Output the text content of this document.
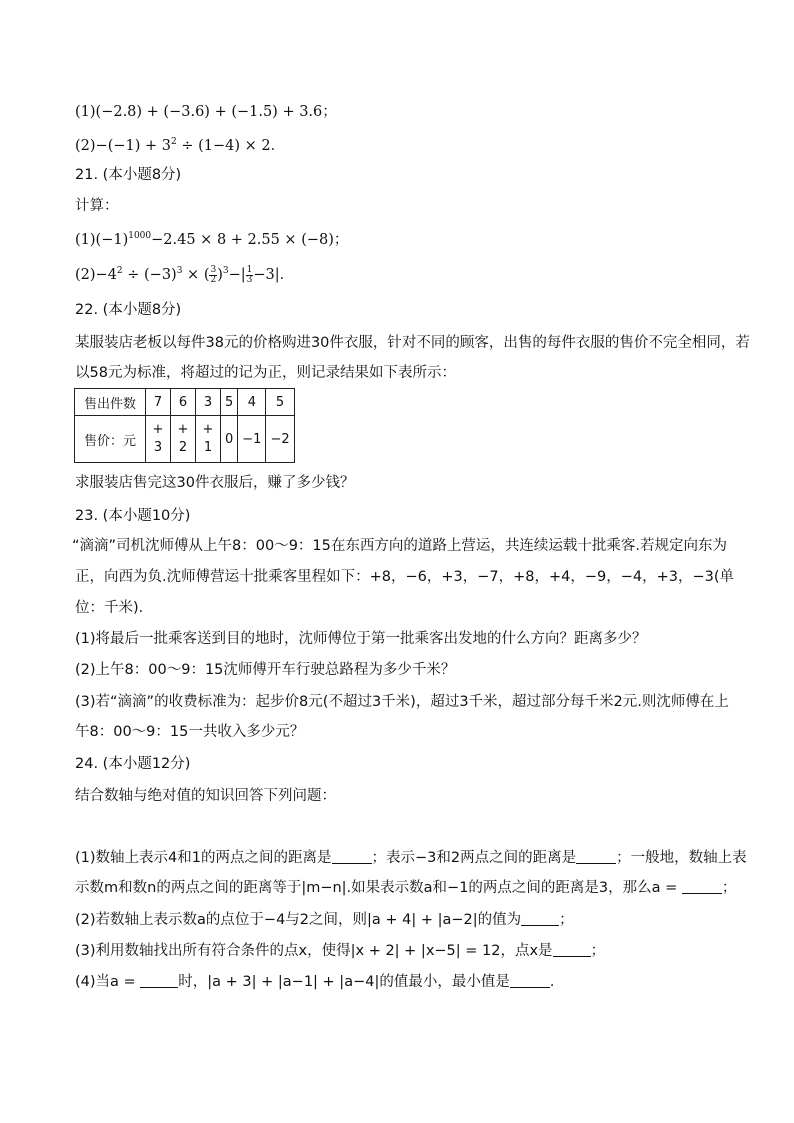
(1)(−2.8) + (−3.6) + (−1.5) + 3.6；
$(2)-(-1) + 3^2 \div (1-4) \times 2$．
21. (本小题8分)
计算：
$(1)(-1)^{1000}-2.45 \times 8 + 2.55 \times (-8)$；
$(2)-4^2 \div (-3)^3$ × ( $\frac{3}{2} )^3-| \frac{1}{3} -3|$．
22. (本小题8分)
某服装店老板以每件38元的价格购进30件衣服，针对不同的顾客，出售的每件衣服的售价不完全相同，若
以58元为标准，将超过的记为正，则记录结果如下表所示：
售出件数	7	6	3	5	4	5
售价：元	+
3	+
2	+
1	0	−1	−2
求服装店售完这30件衣服后，赚了多少钱？
23. (本小题10分)
“滴滴”司机沈师傅从上午8：00～9：15在东西方向的道路上营运，共连续运载十批乘客.若规定向东为
正，向西为负.沈师傅营运十批乘客里程如下：+8，−6，+3，−7，+8，+4，−9，−4，+3，−3(单
位：千米)．
(1)将最后一批乘客送到目的地时，沈师傅位于第一批乘客出发地的什么方向？距离多少？
(2)上午8：00～9：15沈师傅开车行驶总路程为多少千米？
(3)若“滴滴”的收费标准为：起步价8元(不超过3千米)，超过3千米，超过部分每千米2元.则沈师傅在上
午8：00～9：15一共收入多少元？
24. (本小题12分)
结合数轴与绝对值的知识回答下列问题：
(1)数轴上表示4和1的两点之间的距离是	；表示−3和2两点之间的距离是	；一般地，数轴上表
示数m和数n的两点之间的距离等于|m−n|.如果表示数a和−1的两点之间的距离是3，那么a =	；
(2)若数轴上表示数a的点位于−4与2之间，则|a + 4| + |a−2|的值为	；
(3)利用数轴找出所有符合条件的点x，使得|x + 2| + |x−5| = 12，点x是	；
(4)当a =	时，|a + 3| + |a−1| + |a−4|的值最小，最小值是	．
